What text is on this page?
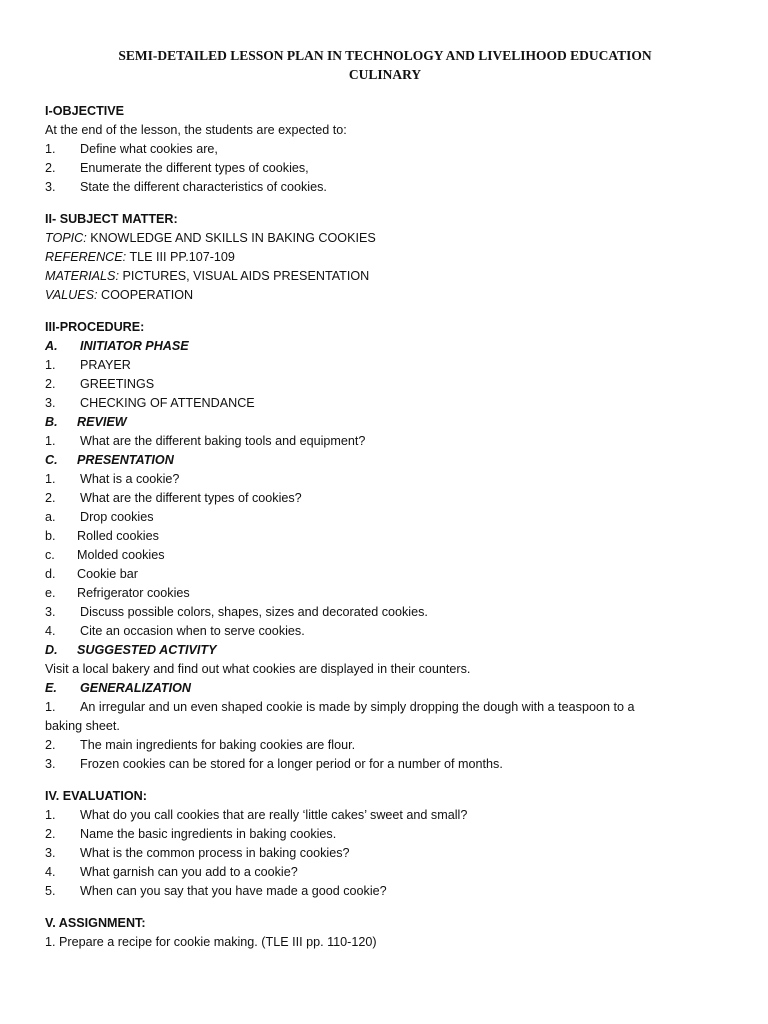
SEMI-DETAILED LESSON PLAN IN TECHNOLOGY AND LIVELIHOOD EDUCATION

CULINARY

I-OBJECTIVE
At the end of the lesson, the students are expected to:
1.	Define what cookies are,
2.	Enumerate the different types of cookies,
3.	State the different characteristics of cookies.
II- SUBJECT MATTER:
TOPIC: KNOWLEDGE AND SKILLS IN BAKING COOKIES
REFERENCE: TLE III PP.107-109
MATERIALS: PICTURES, VISUAL AIDS PRESENTATION
VALUES: COOPERATION
III-PROCEDURE:
A.	INITIATOR PHASE
1.	PRAYER
2.	GREETINGS
3.	CHECKING OF ATTENDANCE
B.	REVIEW
1.	What are the different baking tools and equipment?
C.	PRESENTATION
1.	What is a cookie?
2.	What are the different types of cookies?
a.	Drop cookies
b.	Rolled cookies
c.	Molded cookies
d.	Cookie bar
e.	Refrigerator cookies
3.	Discuss possible colors, shapes, sizes and decorated cookies.
4.	Cite an occasion when to serve cookies.
D.	SUGGESTED ACTIVITY
Visit a local bakery and find out what cookies are displayed in their counters.
E.	GENERALIZATION
1.	An irregular and un even shaped cookie is made by simply dropping the dough with a teaspoon to a
baking sheet.
2.	The main ingredients for baking cookies are flour.
3.	Frozen cookies can be stored for a longer period or for a number of months.
IV. EVALUATION:
1.	What do you call cookies that are really ‘little cakes’ sweet and small?
2.	Name the basic ingredients in baking cookies.
3.	What is the common process in baking cookies?
4.	What garnish can you add to a cookie?
5.	When can you say that you have made a good cookie?
V. ASSIGNMENT:
1. Prepare a recipe for cookie making. (TLE III pp. 110-120)
